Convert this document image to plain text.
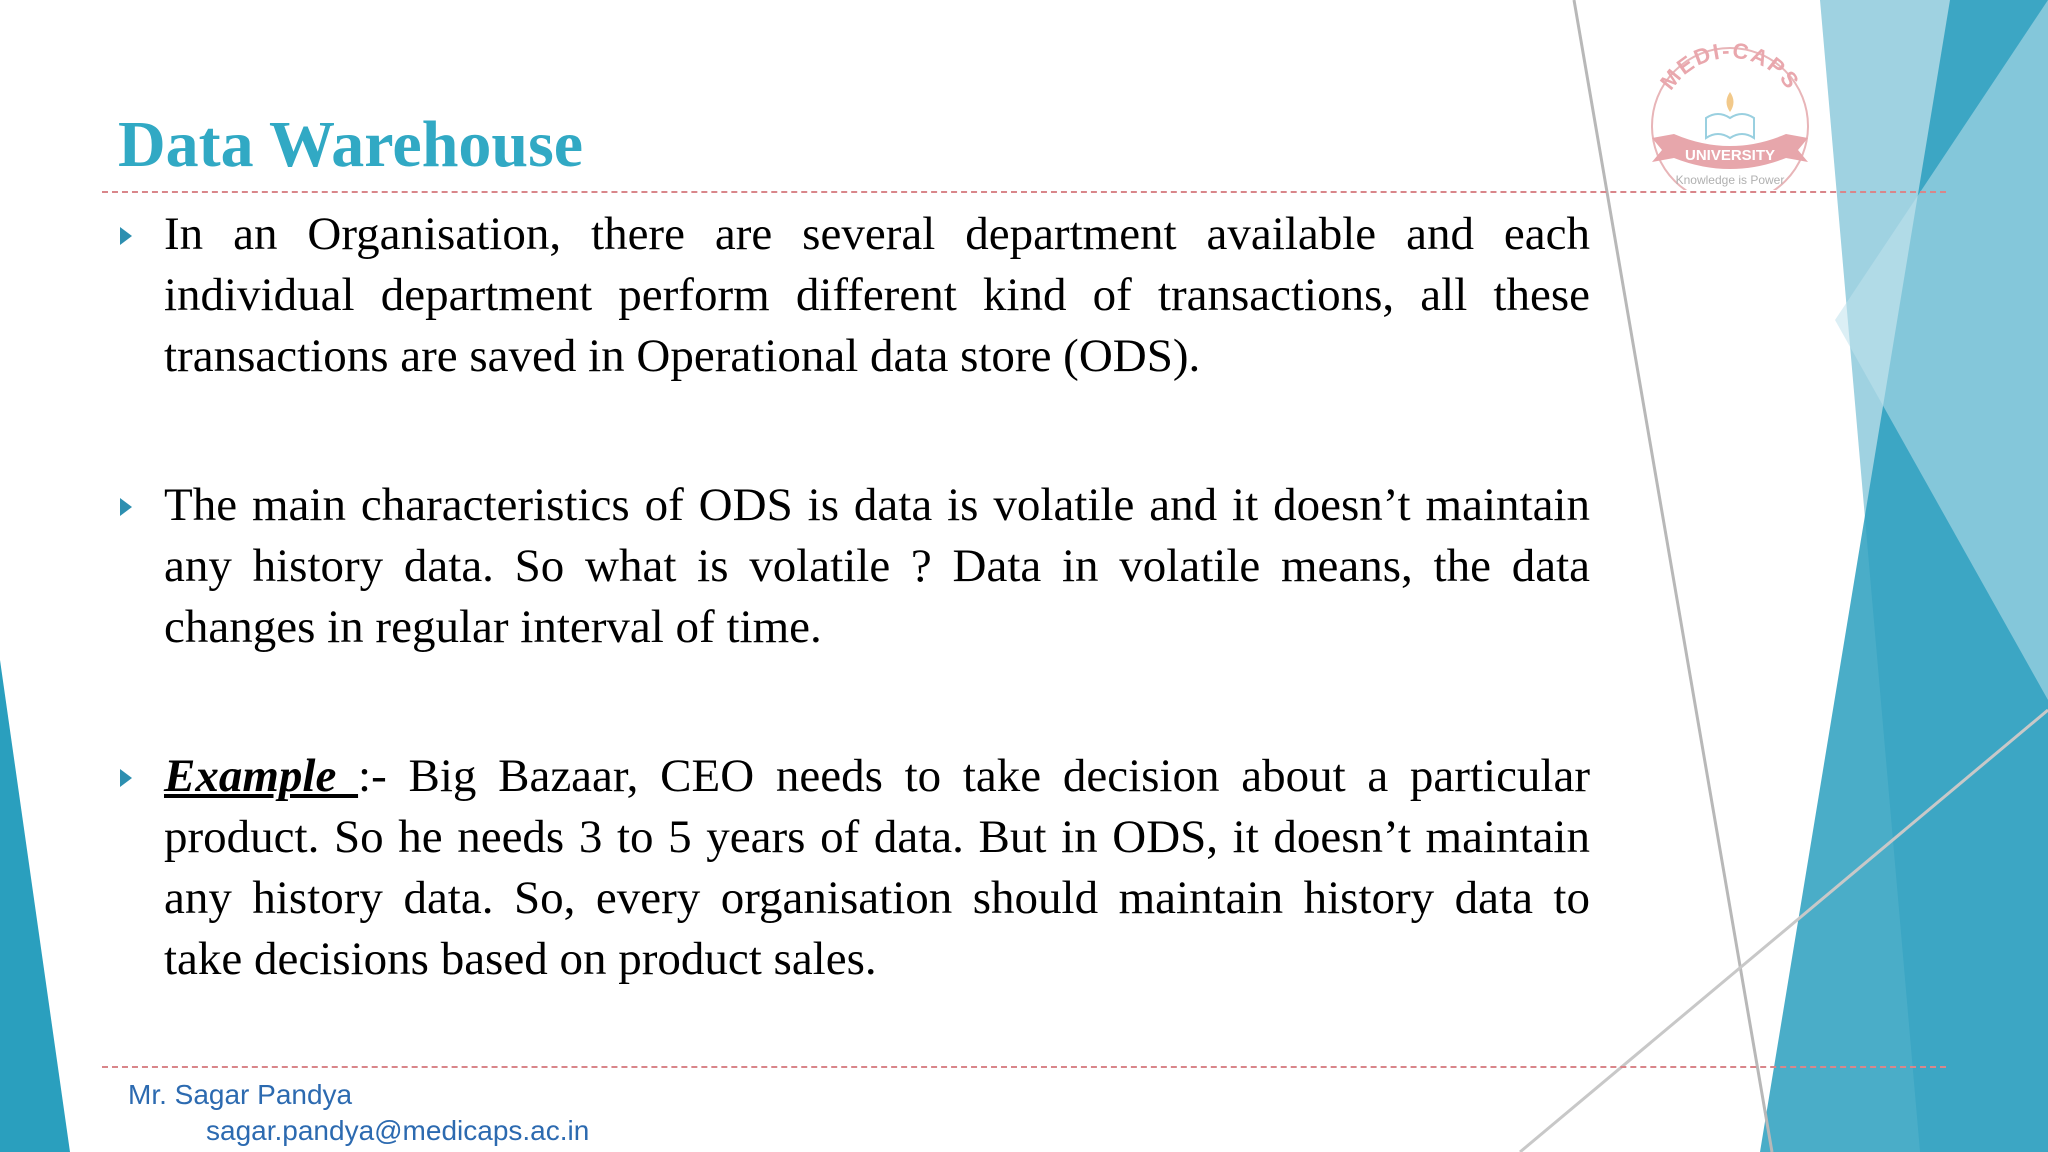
MEDI-CAPS
UNIVERSITY
Knowledge is Power
Data Warehouse
In an Organisation, there are several department available and each individual department perform different kind of transactions, all these transactions are saved in Operational data store (ODS).
The main characteristics of ODS is data is volatile and it doesn’t maintain any history data. So what is volatile ? Data in volatile means, the data changes in regular interval of time.
Example :- Big Bazaar, CEO needs to take decision about a particular product. So he needs 3 to 5 years of data. But in ODS, it doesn’t maintain any history data. So, every organisation should maintain history data to take decisions based on product sales.
Mr. Sagar Pandya
sagar.pandya@medicaps.ac.in
